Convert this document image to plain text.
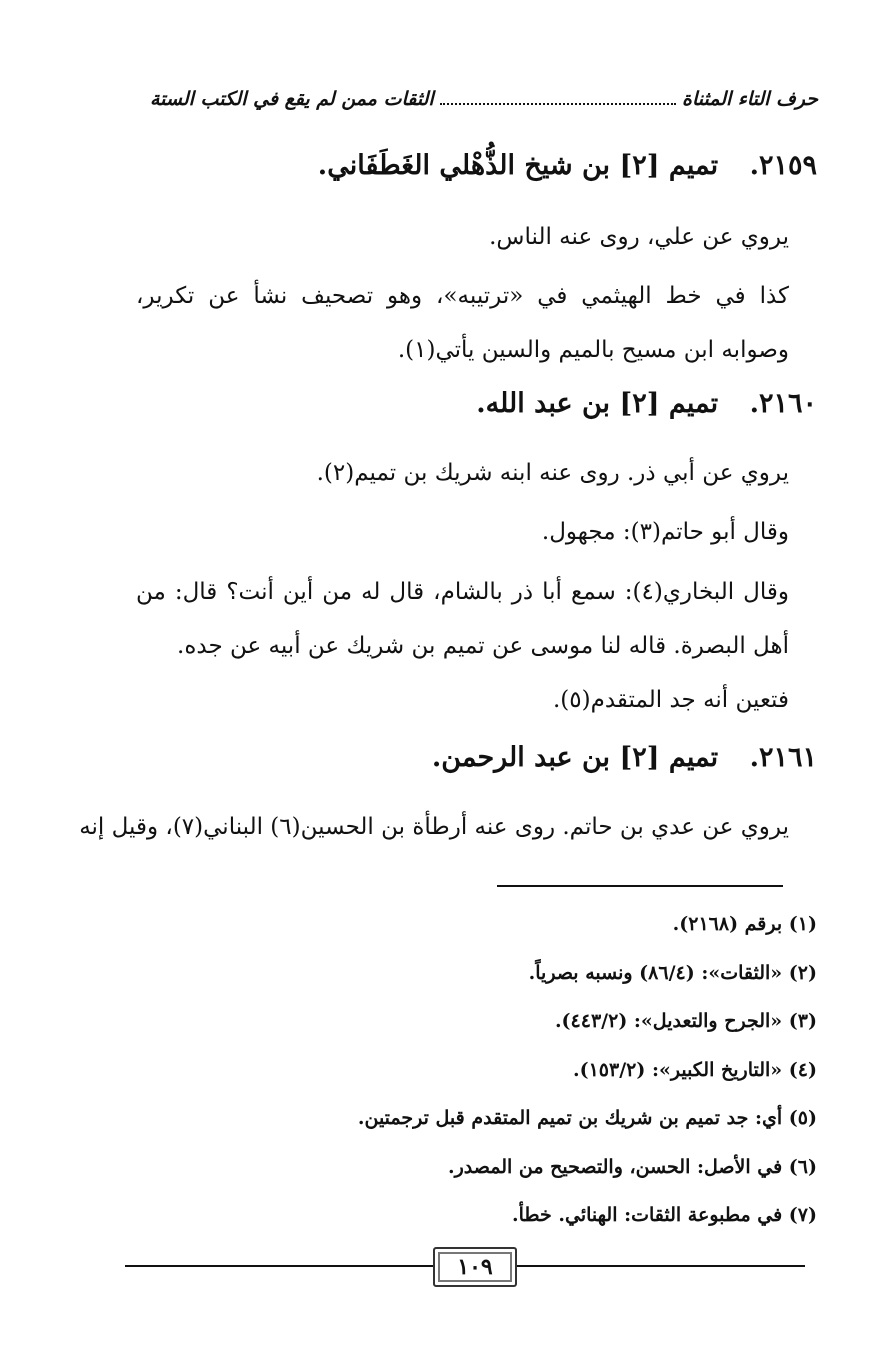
حرف التاء المثناة
الثقات ممن لم يقع في الكتب الستة
٢١٥٩. تميم [٢] بن شيخ الذُّهْلي الغَطَفَاني.
يروي عن علي، روى عنه الناس.
كذا في خط الهيثمي في «ترتيبه»، وهو تصحيف نشأ عن تكرير، وصوابه ابن مسيح بالميم والسين يأتي(١).
٢١٦٠. تميم [٢] بن عبد الله.
يروي عن أبي ذر. روى عنه ابنه شريك بن تميم(٢).
وقال أبو حاتم(٣): مجهول.
وقال البخاري(٤): سمع أبا ذر بالشام، قال له من أين أنت؟ قال: من أهل البصرة. قاله لنا موسى عن تميم بن شريك عن أبيه عن جده.
فتعين أنه جد المتقدم(٥).
٢١٦١. تميم [٢] بن عبد الرحمن.
يروي عن عدي بن حاتم. روى عنه أرطأة بن الحسين(٦) البناني(٧)، وقيل إنه
(١) برقم (٢١٦٨).
(٢) «الثقات»: (٨٦/٤) ونسبه بصرياً.
(٣) «الجرح والتعديل»: (٤٤٣/٢).
(٤) «التاريخ الكبير»: (١٥٣/٢).
(٥) أي: جد تميم بن شريك بن تميم المتقدم قبل ترجمتين.
(٦) في الأصل: الحسن، والتصحيح من المصدر.
(٧) في مطبوعة الثقات: الهنائي. خطأ.
١٠٩
